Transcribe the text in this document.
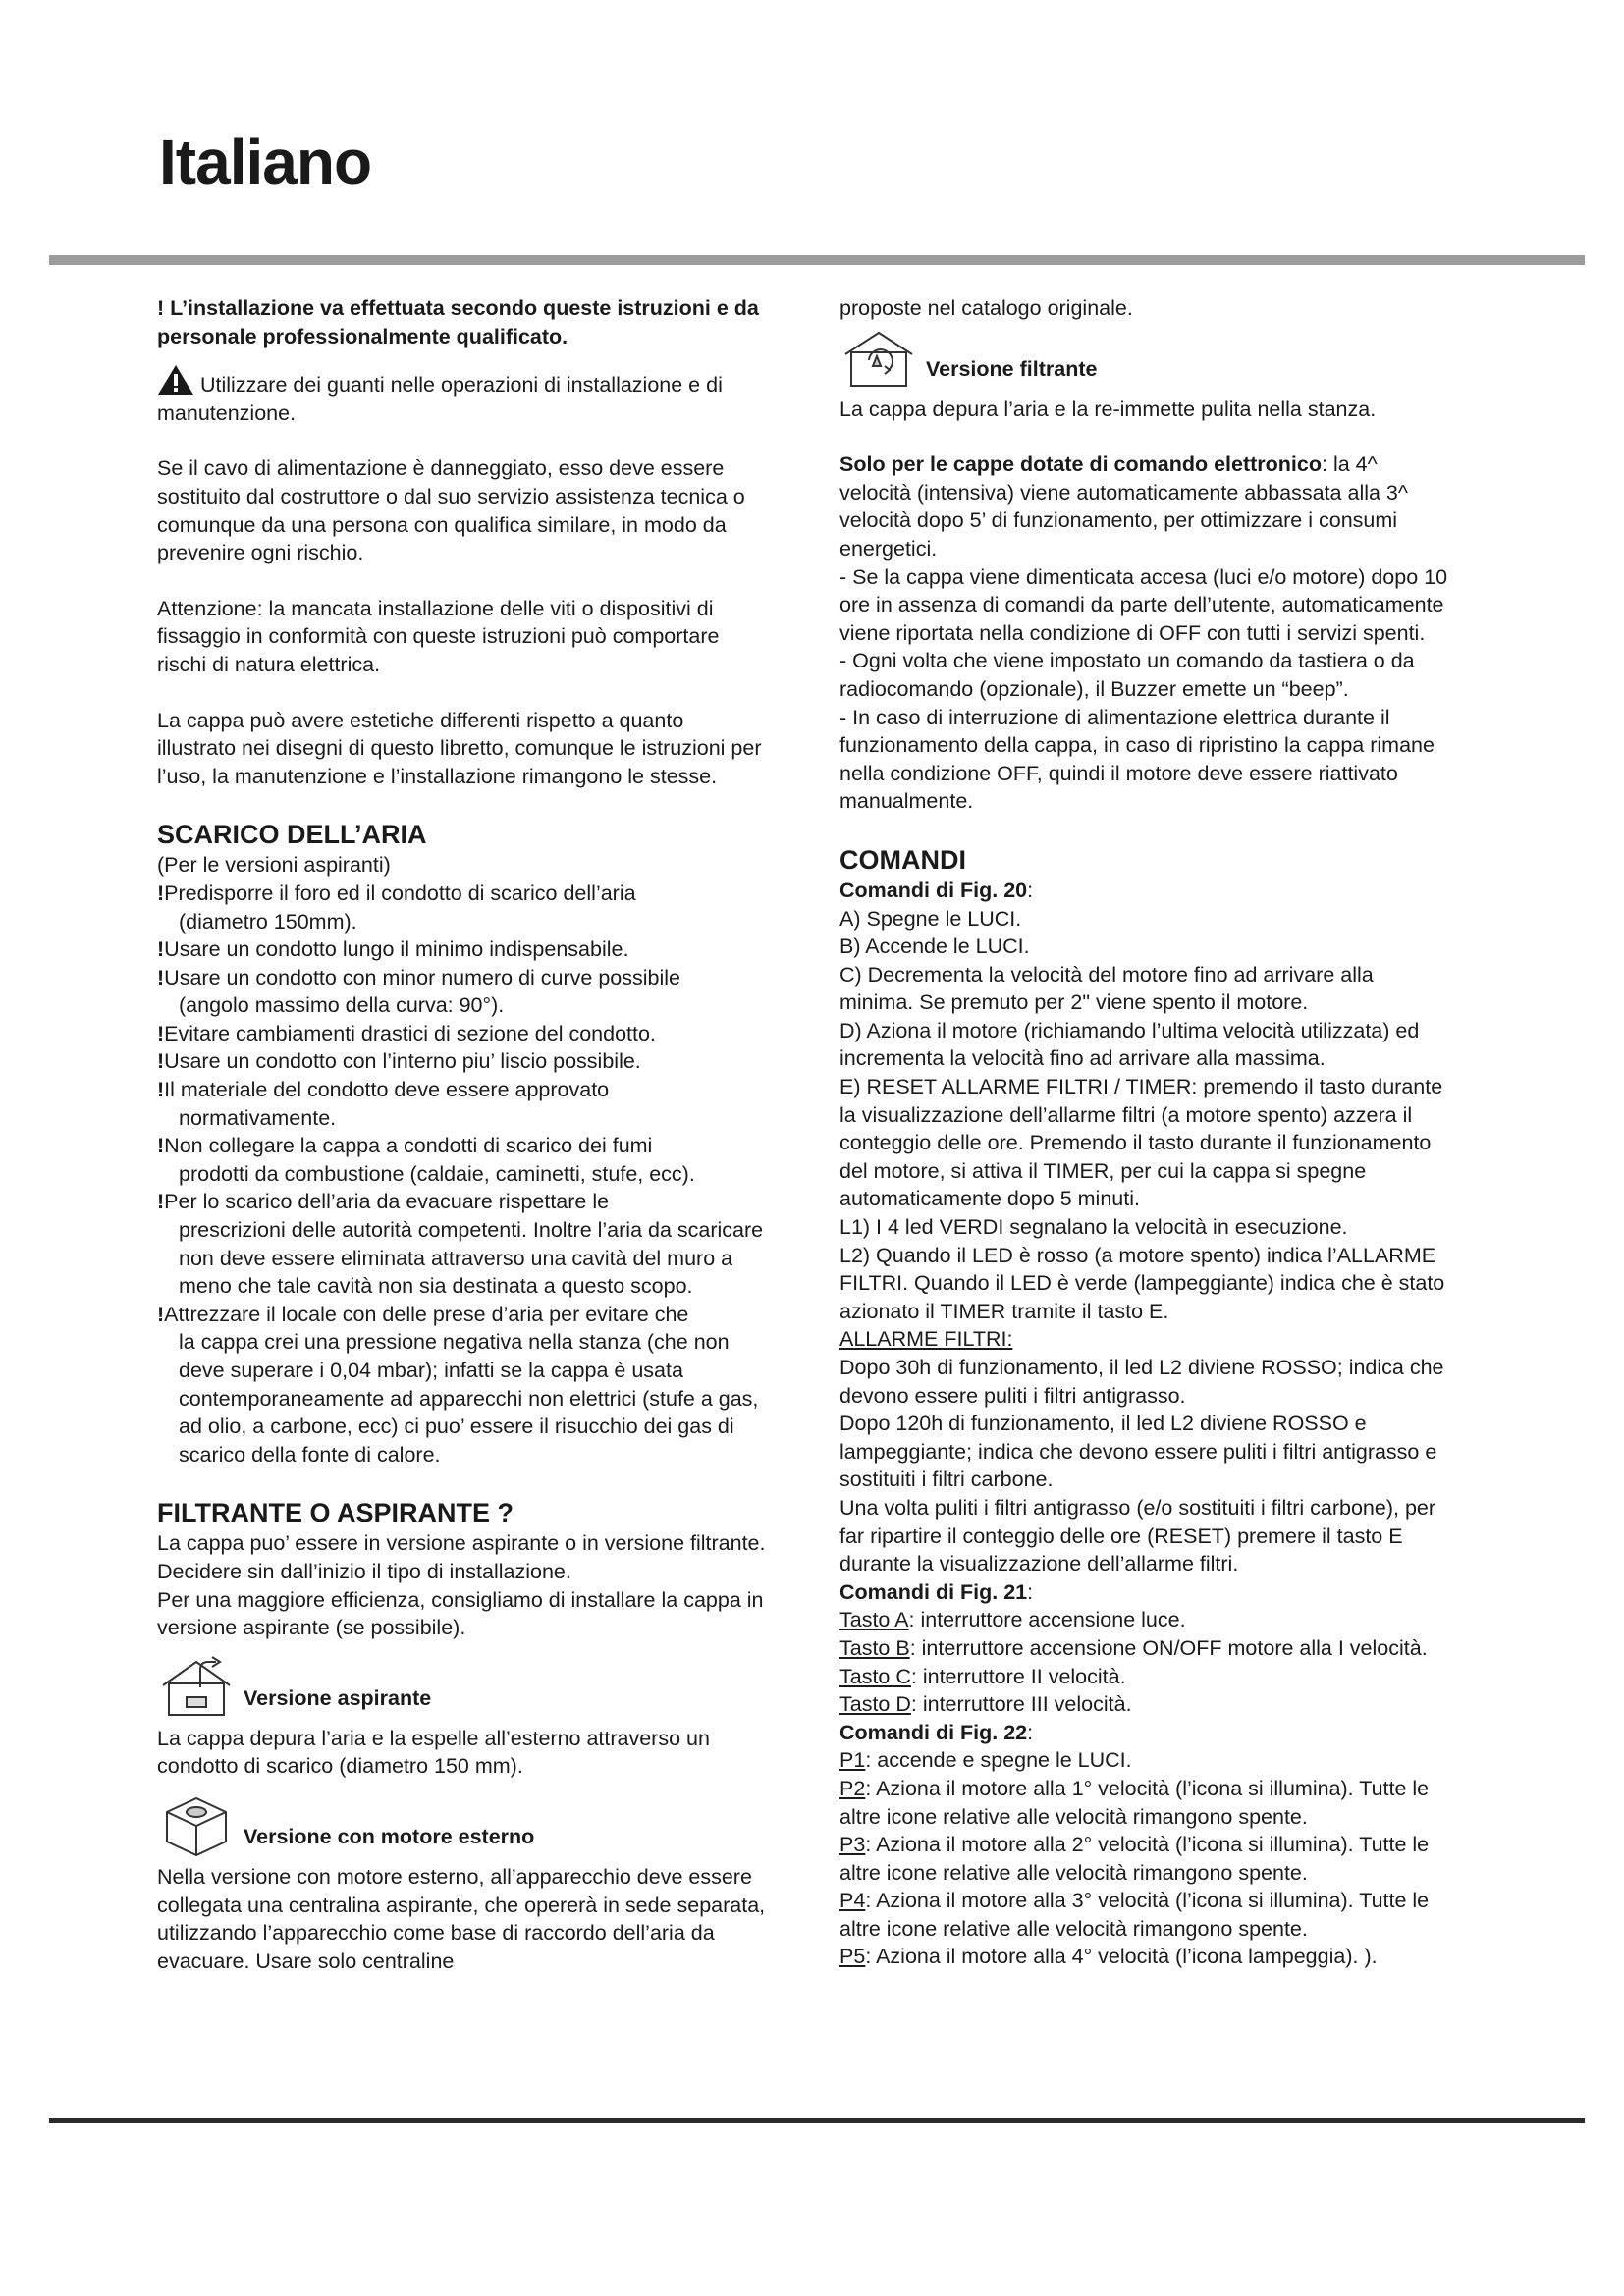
Italiano

! L’installazione va effettuata secondo queste istruzioni e da personale professionalmente qualificato.

Utilizzare dei guanti nelle operazioni di installazione e di manutenzione.

Se il cavo di alimentazione è danneggiato, esso deve essere sostituito dal costruttore o dal suo servizio assistenza tecnica o comunque da una persona con qualifica similare, in modo da prevenire ogni rischio.

Attenzione: la mancata installazione delle viti o dispositivi di fissaggio in conformità con queste istruzioni può comportare rischi di natura elettrica.

La cappa può avere estetiche differenti rispetto a quanto illustrato nei disegni di questo libretto, comunque le istruzioni per l’uso, la manutenzione e l’installazione rimangono le stesse.

SCARICO DELL’ARIA

(Per le versioni aspiranti)

!Predisporre il foro ed il condotto di scarico dell’aria
(diametro 150mm).

!Usare un condotto lungo il minimo indispensabile.

!Usare un condotto con minor numero di curve possibile
(angolo massimo della curva: 90°).

!Evitare cambiamenti drastici di sezione del condotto.

!Usare un condotto con l’interno piu’ liscio possibile.

!Il materiale del condotto deve essere approvato normativamente.

!Non collegare la cappa a condotti di scarico dei fumi
prodotti da combustione (caldaie, caminetti, stufe, ecc).

!Per lo scarico dell’aria da evacuare rispettare le
prescrizioni delle autorità competenti. Inoltre l’aria da scaricare non deve essere eliminata attraverso una cavità del muro a meno che tale cavità non sia destinata a questo scopo.

!Attrezzare il locale con delle prese d’aria per evitare che
la cappa crei una pressione negativa nella stanza (che non deve superare i 0,04 mbar); infatti se la cappa è usata contemporaneamente ad apparecchi non elettrici (stufe a gas, ad olio, a carbone, ecc) ci puo’ essere il risucchio dei gas di scarico della fonte di calore.

FILTRANTE O ASPIRANTE ?

La cappa puo’ essere in versione aspirante o in versione filtrante.

Decidere sin dall’inizio il tipo di installazione.

Per una maggiore efficienza, consigliamo di installare la cappa in versione aspirante (se possibile).

Versione aspirante

La cappa depura l’aria e la espelle all’esterno attraverso un condotto di scarico (diametro 150 mm).

Versione con motore esterno

Nella versione con motore esterno, all’apparecchio deve essere collegata una centralina aspirante, che opererà in sede separata, utilizzando l’apparecchio come base di raccordo dell’aria da evacuare. Usare solo centraline

proposte nel catalogo originale.

Versione filtrante

La cappa depura l’aria e la re-immette pulita nella stanza.

Solo per le cappe dotate di comando elettronico: la 4^ velocità (intensiva) viene automaticamente abbassata alla 3^ velocità dopo 5’ di funzionamento, per ottimizzare i consumi energetici.

- Se la cappa viene dimenticata accesa (luci e/o motore) dopo 10 ore in assenza di comandi da parte dell’utente, automaticamente viene riportata nella condizione di OFF con tutti i servizi spenti.

- Ogni volta che viene impostato un comando da tastiera o da radiocomando (opzionale), il Buzzer emette un “beep”.

- In caso di interruzione di alimentazione elettrica durante il funzionamento della cappa, in caso di ripristino la cappa rimane nella condizione OFF, quindi il motore deve essere riattivato manualmente.

COMANDI

Comandi di Fig. 20:

A) Spegne le LUCI.

B) Accende le LUCI.

C) Decrementa la velocità del motore fino ad arrivare alla minima. Se premuto per 2" viene spento il motore.

D) Aziona il motore (richiamando l’ultima velocità utilizzata) ed incrementa la velocità fino ad arrivare alla massima.

E) RESET ALLARME FILTRI / TIMER: premendo il tasto durante la visualizzazione dell’allarme filtri (a motore spento) azzera il conteggio delle ore. Premendo il tasto durante il funzionamento del motore, si attiva il TIMER, per cui la cappa si spegne automaticamente dopo 5 minuti.

L1) I 4 led VERDI segnalano la velocità in esecuzione.

L2) Quando il LED è rosso (a motore spento) indica l’ALLARME FILTRI. Quando il LED è verde (lampeggiante) indica che è stato azionato il TIMER tramite il tasto E.

ALLARME FILTRI:

Dopo 30h di funzionamento, il led L2 diviene ROSSO; indica che devono essere puliti i filtri antigrasso.

Dopo 120h di funzionamento, il led L2 diviene ROSSO e lampeggiante; indica che devono essere puliti i filtri antigrasso e sostituiti i filtri carbone.

Una volta puliti i filtri antigrasso (e/o sostituiti i filtri carbone), per far ripartire il conteggio delle ore (RESET) premere il tasto E durante la visualizzazione dell’allarme filtri.

Comandi di Fig. 21:

Tasto A: interruttore accensione luce.

Tasto B: interruttore accensione ON/OFF motore alla I velocità.

Tasto C: interruttore II velocità.

Tasto D: interruttore III velocità.

Comandi di Fig. 22:

P1: accende e spegne le LUCI.

P2: Aziona il motore alla 1° velocità (l’icona si illumina). Tutte le altre icone relative alle velocità rimangono spente.

P3: Aziona il motore alla 2° velocità (l’icona si illumina). Tutte le altre icone relative alle velocità rimangono spente.

P4: Aziona il motore alla 3° velocità (l’icona si illumina). Tutte le altre icone relative alle velocità rimangono spente.

P5: Aziona il motore alla 4° velocità (l’icona lampeggia). ).
